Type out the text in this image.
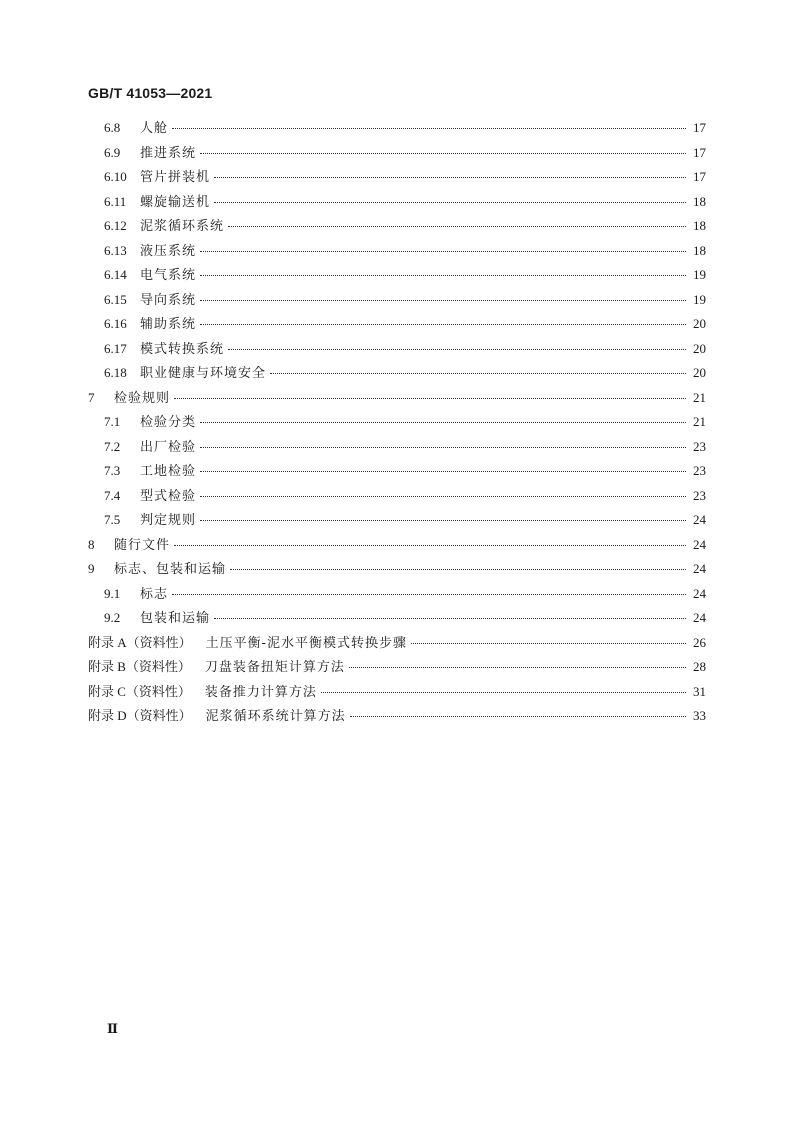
GB/T 41053—2021
6.8	人舱	17
6.9	推进系统	17
6.10	管片拼装机	17
6.11	螺旋输送机	18
6.12	泥浆循环系统	18
6.13	液压系统	18
6.14	电气系统	19
6.15	导向系统	19
6.16	辅助系统	20
6.17	模式转换系统	20
6.18	职业健康与环境安全	20
7	检验规则	21
7.1	检验分类	21
7.2	出厂检验	23
7.3	工地检验	23
7.4	型式检验	23
7.5	判定规则	24
8	随行文件	24
9	标志、包装和运输	24
9.1	标志	24
9.2	包装和运输	24
附录 A（资料性）	土压平衡-泥水平衡模式转换步骤	26
附录 B（资料性）	刀盘装备扭矩计算方法	28
附录 C（资料性）	装备推力计算方法	31
附录 D（资料性）	泥浆循环系统计算方法	33
Ⅱ
